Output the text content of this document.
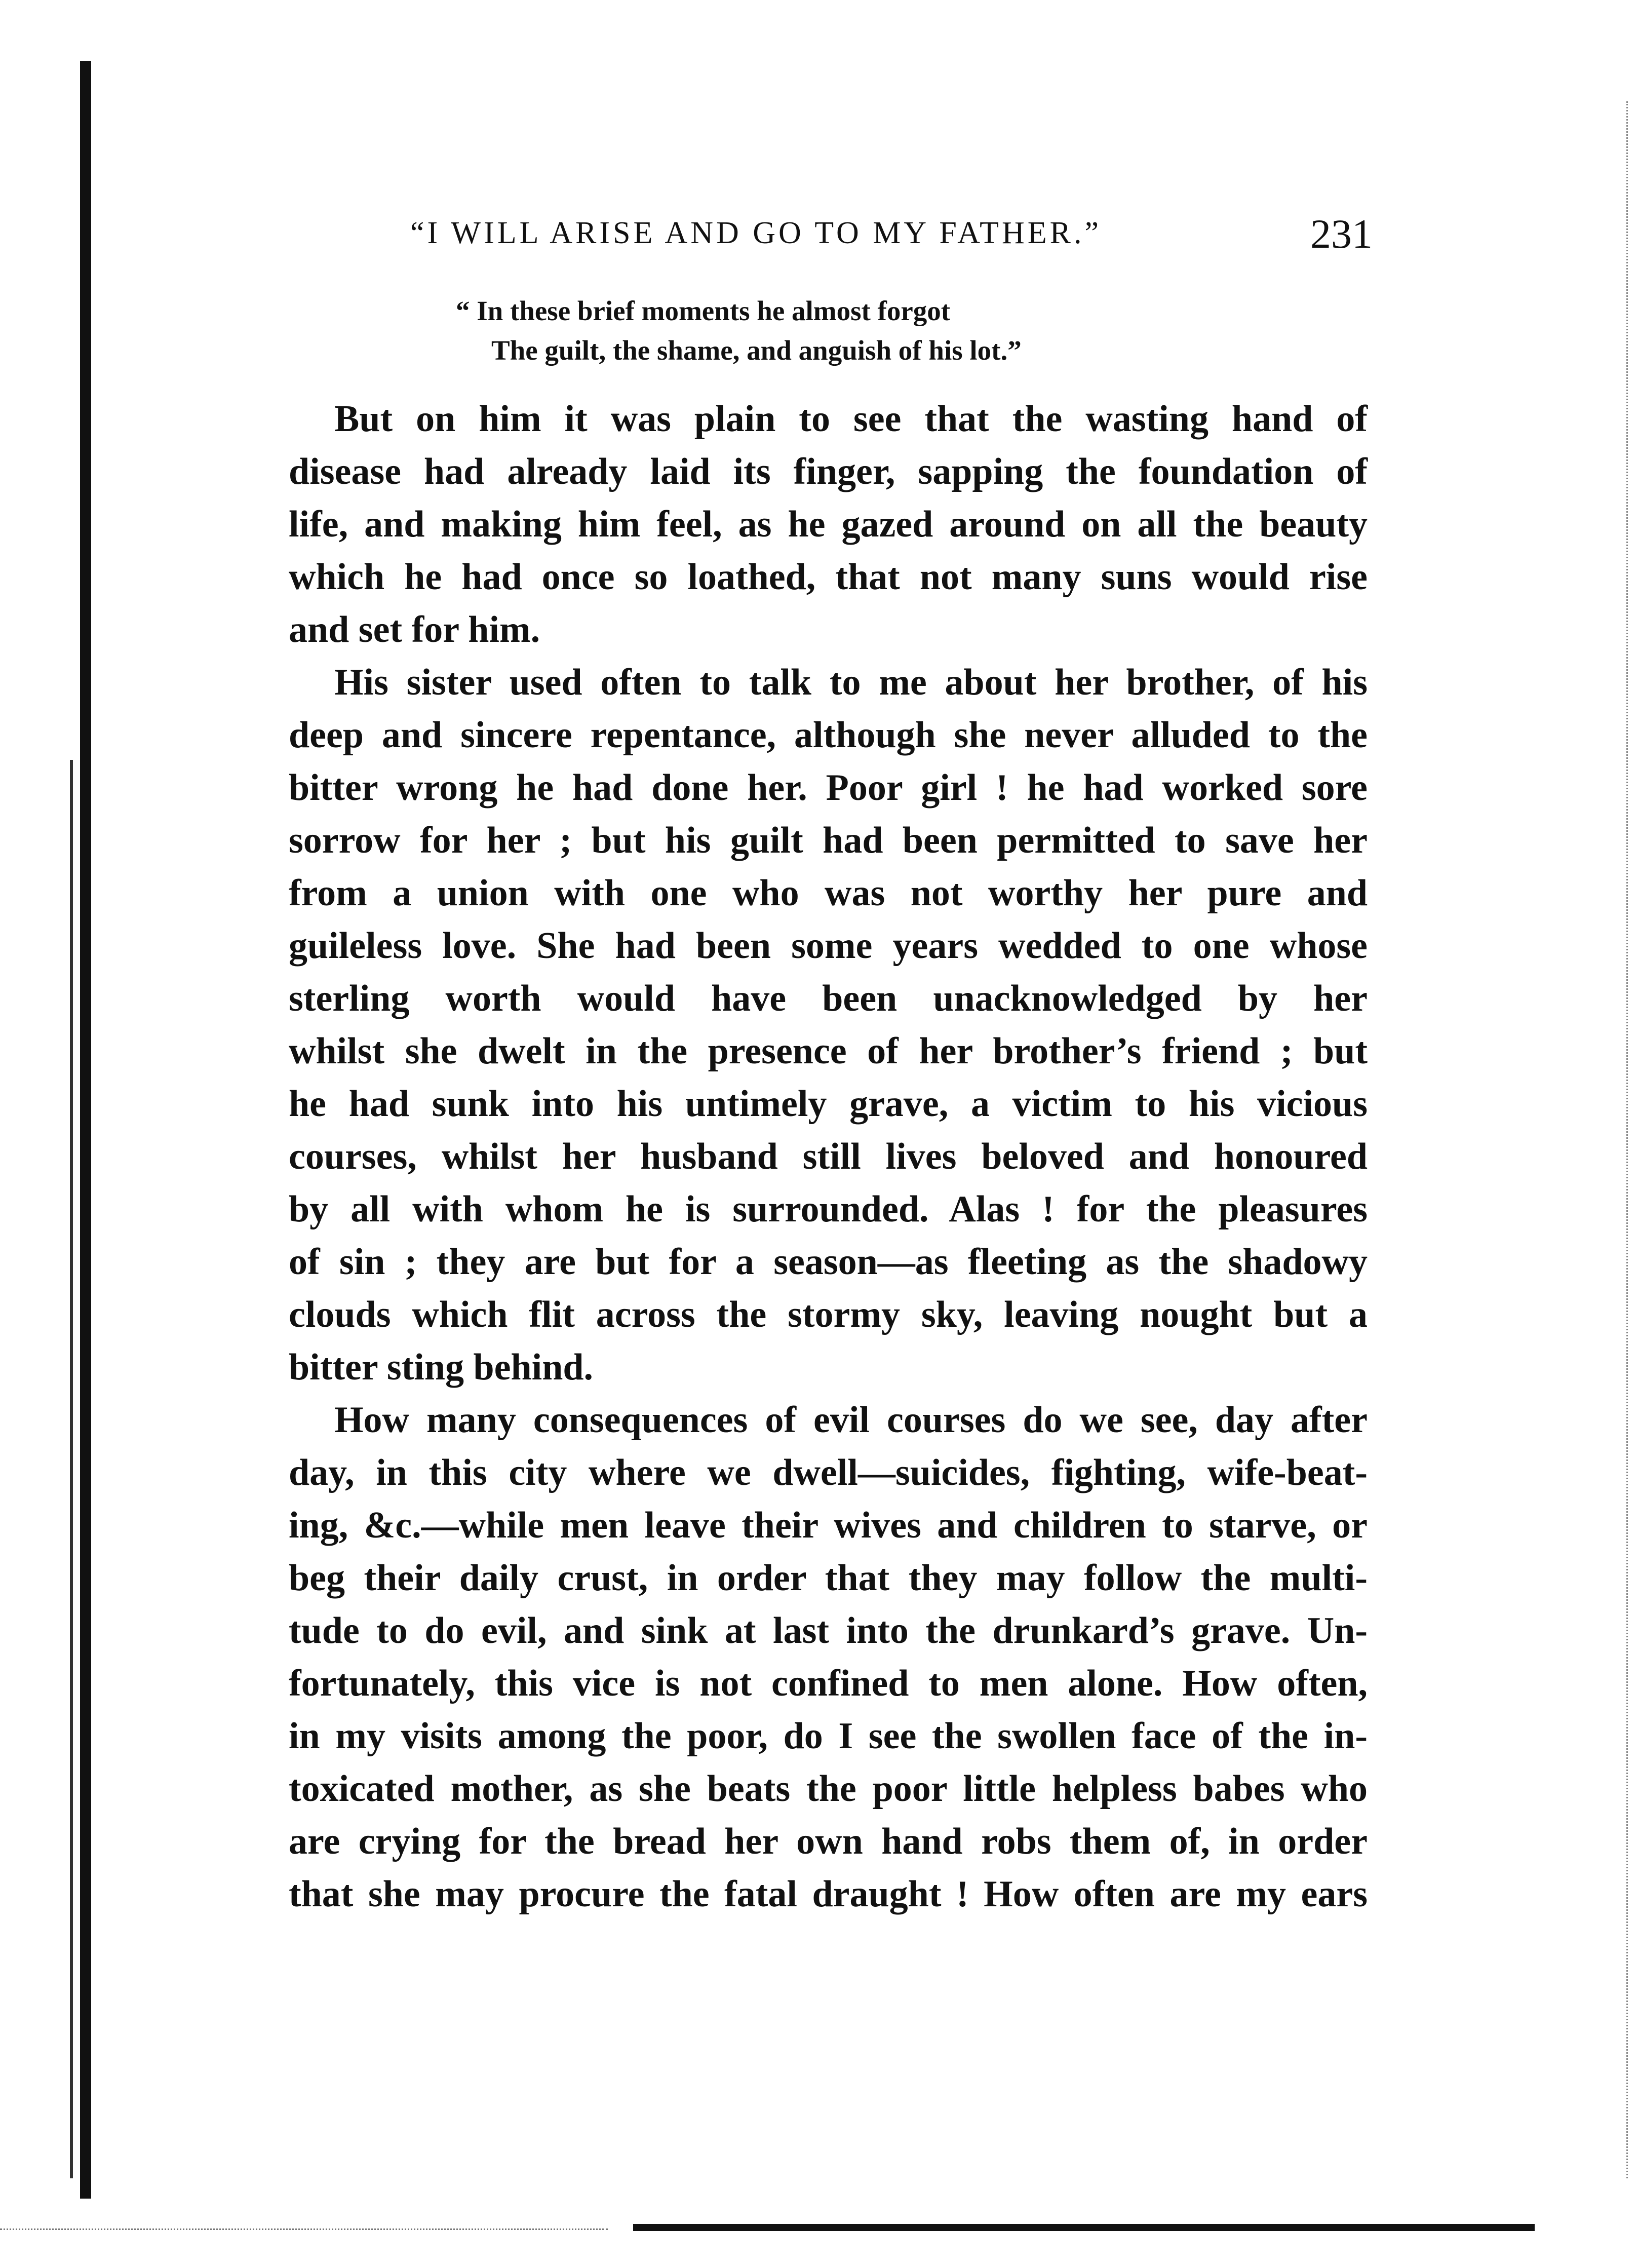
“I WILL ARISE AND GO TO MY FATHER.”	231
“ In these brief moments he almost forgot
The guilt, the shame, and anguish of his lot.”
But on him it was plain to see that the wasting hand of
disease had already laid its finger, sapping the foundation of
life, and making him feel, as he gazed around on all the beauty
which he had once so loathed, that not many suns would rise
and set for him.
His sister used often to talk to me about her brother, of his
deep and sincere repentance, although she never alluded to the
bitter wrong he had done her. Poor girl ! he had worked sore
sorrow for her ; but his guilt had been permitted to save her
from a union with one who was not worthy her pure and
guileless love. She had been some years wedded to one whose
sterling worth would have been unacknowledged by her
whilst she dwelt in the presence of her brother’s friend ; but
he had sunk into his untimely grave, a victim to his vicious
courses, whilst her husband still lives beloved and honoured
by all with whom he is surrounded. Alas ! for the pleasures
of sin ; they are but for a season—as fleeting as the shadowy
clouds which flit across the stormy sky, leaving nought but a
bitter sting behind.
How many consequences of evil courses do we see, day after
day, in this city where we dwell—suicides, fighting, wife-beat-
ing, &c.—while men leave their wives and children to starve, or
beg their daily crust, in order that they may follow the multi-
tude to do evil, and sink at last into the drunkard’s grave. Un-
fortunately, this vice is not confined to men alone. How often,
in my visits among the poor, do I see the swollen face of the in-
toxicated mother, as she beats the poor little helpless babes who
are crying for the bread her own hand robs them of, in order
that she may procure the fatal draught ! How often are my ears
